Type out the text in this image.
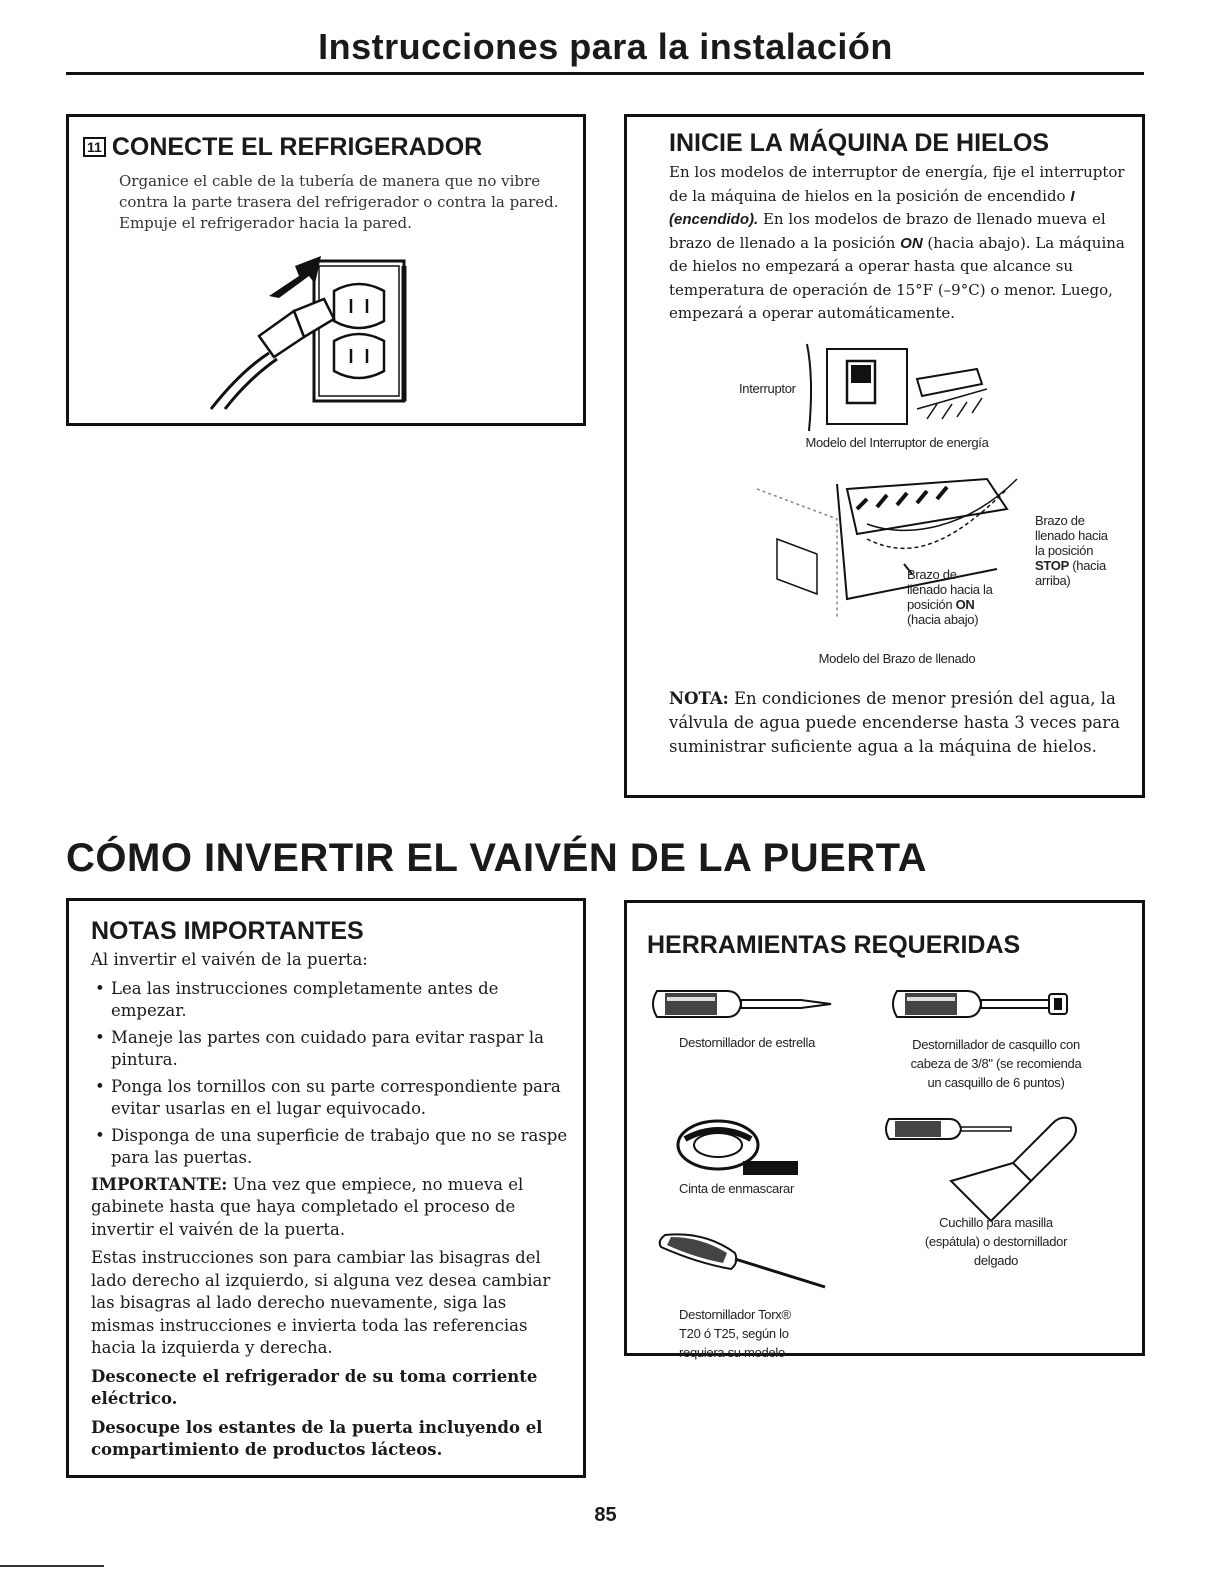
Instrucciones para la instalación
11 CONECTE EL REFRIGERADOR
Organice el cable de la tubería de manera que no vibre contra la parte trasera del refrigerador o contra la pared. Empuje el refrigerador hacia la pared.
INICIE LA MÁQUINA DE HIELOS
En los modelos de interruptor de energía, fije el interruptor de la máquina de hielos en la posición de encendido I (encendido). En los modelos de brazo de llenado mueva el brazo de llenado a la posición ON (hacia abajo). La máquina de hielos no empezará a operar hasta que alcance su temperatura de operación de 15°F (–9°C) o menor. Luego, empezará a operar automáticamente.
Interruptor
Modelo del Interruptor de energía
Brazo de
llenado hacia la
posición ON
(hacia abajo)
Brazo de
llenado hacia
la posición
STOP (hacia
arriba)
Modelo del Brazo de llenado
NOTA: En condiciones de menor presión del agua, la válvula de agua puede encenderse hasta 3 veces para suministrar suficiente agua a la máquina de hielos.
CÓMO INVERTIR EL VAIVÉN DE LA PUERTA
NOTAS IMPORTANTES

Al invertir el vaivén de la puerta:

• Lea las instrucciones completamente antes de empezar.
• Maneje las partes con cuidado para evitar raspar la pintura.
• Ponga los tornillos con su parte correspondiente para evitar usarlas en el lugar equivocado.
• Disponga de una superficie de trabajo que no se raspe para las puertas.

IMPORTANTE: Una vez que empiece, no mueva el gabinete hasta que haya completado el proceso de invertir el vaivén de la puerta.

Estas instrucciones son para cambiar las bisagras del lado derecho al izquierdo, si alguna vez desea cambiar las bisagras al lado derecho nuevamente, siga las mismas instrucciones e invierta toda las referencias hacia la izquierda y derecha.

Desconecte el refrigerador de su toma corriente eléctrico.

Desocupe los estantes de la puerta incluyendo el compartimiento de productos lácteos.

HERRAMIENTAS REQUERIDAS
Destornillador de estrella	Destornillador de casquillo con
cabeza de 3/8" (se recomienda
un casquillo de 6 puntos)
Cinta de enmascarar
Cuchillo para masilla
(espátula) o destornillador
delgado
Destornillador Torx®
T20 ó T25, según lo
requiera su modelo
85
